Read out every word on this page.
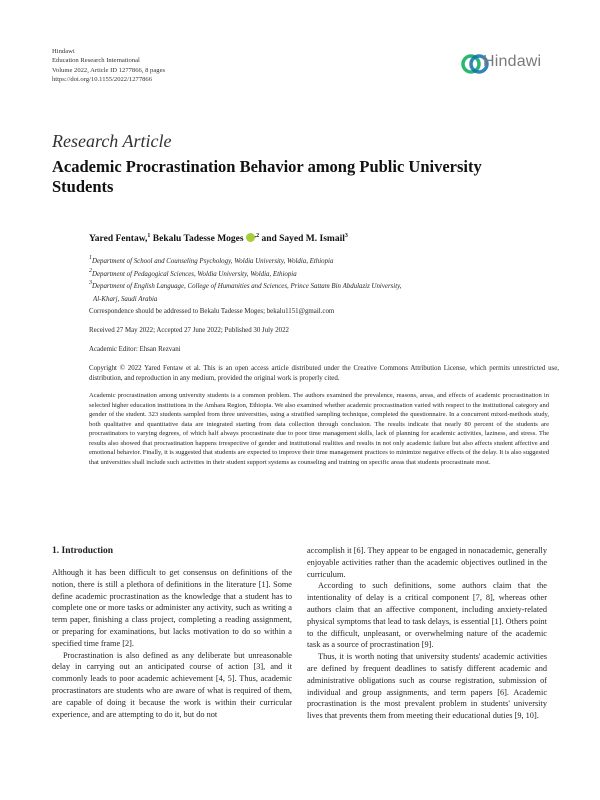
Hindawi
Education Research International
Volume 2022, Article ID 1277866, 8 pages
https://doi.org/10.1155/2022/1277866
Hindawi
Research Article
Academic Procrastination Behavior among Public University Students
Yared Fentaw,$^1$ Bekalu Tadesse Moges $^{,2}$ and Sayed M. Ismail$^3$
$^1$Department of School and Counseling Psychology, Woldia University, Woldia, Ethiopia
$^2$Department of Pedagogical Sciences, Woldia University, Woldia, Ethiopia
$^3$Department of English Language, College of Humanities and Sciences, Prince Sattam Bin Abdulaziz University,
Al-Kharj, Saudi Arabia
Correspondence should be addressed to Bekalu Tadesse Moges; bekalu1151@gmail.com
Received 27 May 2022; Accepted 27 June 2022; Published 30 July 2022
Academic Editor: Ehsan Rezvani
Copyright © 2022 Yared Fentaw et al. This is an open access article distributed under the Creative Commons Attribution License, which permits unrestricted use, distribution, and reproduction in any medium, provided the original work is properly cited.
Academic procrastination among university students is a common problem. The authors examined the prevalence, reasons, areas, and effects of academic procrastination in selected higher education institutions in the Amhara Region, Ethiopia. We also examined whether academic procrastination varied with respect to the institutional category and gender of the student. 323 students sampled from three universities, using a stratified sampling technique, completed the questionnaire. In a concurrent mixed-methods study, both qualitative and quantitative data are integrated starting from data collection through conclusion. The results indicate that nearly 80 percent of the students are procrastinators to varying degrees, of which half always procrastinate due to poor time management skills, lack of planning for academic activities, laziness, and stress. The results also showed that procrastination happens irrespective of gender and institutional realities and results in not only academic failure but also affects student affective and emotional behavior. Finally, it is suggested that students are expected to improve their time management practices to minimize negative effects of the delay. It is also suggested that universities shall include such activities in their student support systems as counseling and training on specific areas that students procrastinate most.
1. Introduction

Although it has been difficult to get consensus on definitions of the notion, there is still a plethora of definitions in the literature [1]. Some define academic procrastination as the knowledge that a student has to complete one or more tasks or administer any activity, such as writing a term paper, finishing a class project, completing a reading assignment, or preparing for examinations, but lacks motivation to do so within a specified time frame [2].

Procrastination is also defined as any deliberate but unreasonable delay in carrying out an anticipated course of action [3], and it commonly leads to poor academic achievement [4, 5]. Thus, academic procrastinators are students who are aware of what is required of them, are capable of doing it because the work is within their curricular experience, and are attempting to do it, but do not

accomplish it [6]. They appear to be engaged in nonacademic, generally enjoyable activities rather than the academic objectives outlined in the curriculum.

According to such definitions, some authors claim that the intentionality of delay is a critical component [7, 8], whereas other authors claim that an affective component, including anxiety-related physical symptoms that lead to task delays, is essential [1]. Others point to the difficult, unpleasant, or overwhelming nature of the academic task as a source of procrastination [9].

Thus, it is worth noting that university students' academic activities are defined by frequent deadlines to satisfy different academic and administrative obligations such as course registration, submission of individual and group assignments, and term papers [6]. Academic procrastination is the most prevalent problem in students' university lives that prevents them from meeting their educational duties [9, 10].
